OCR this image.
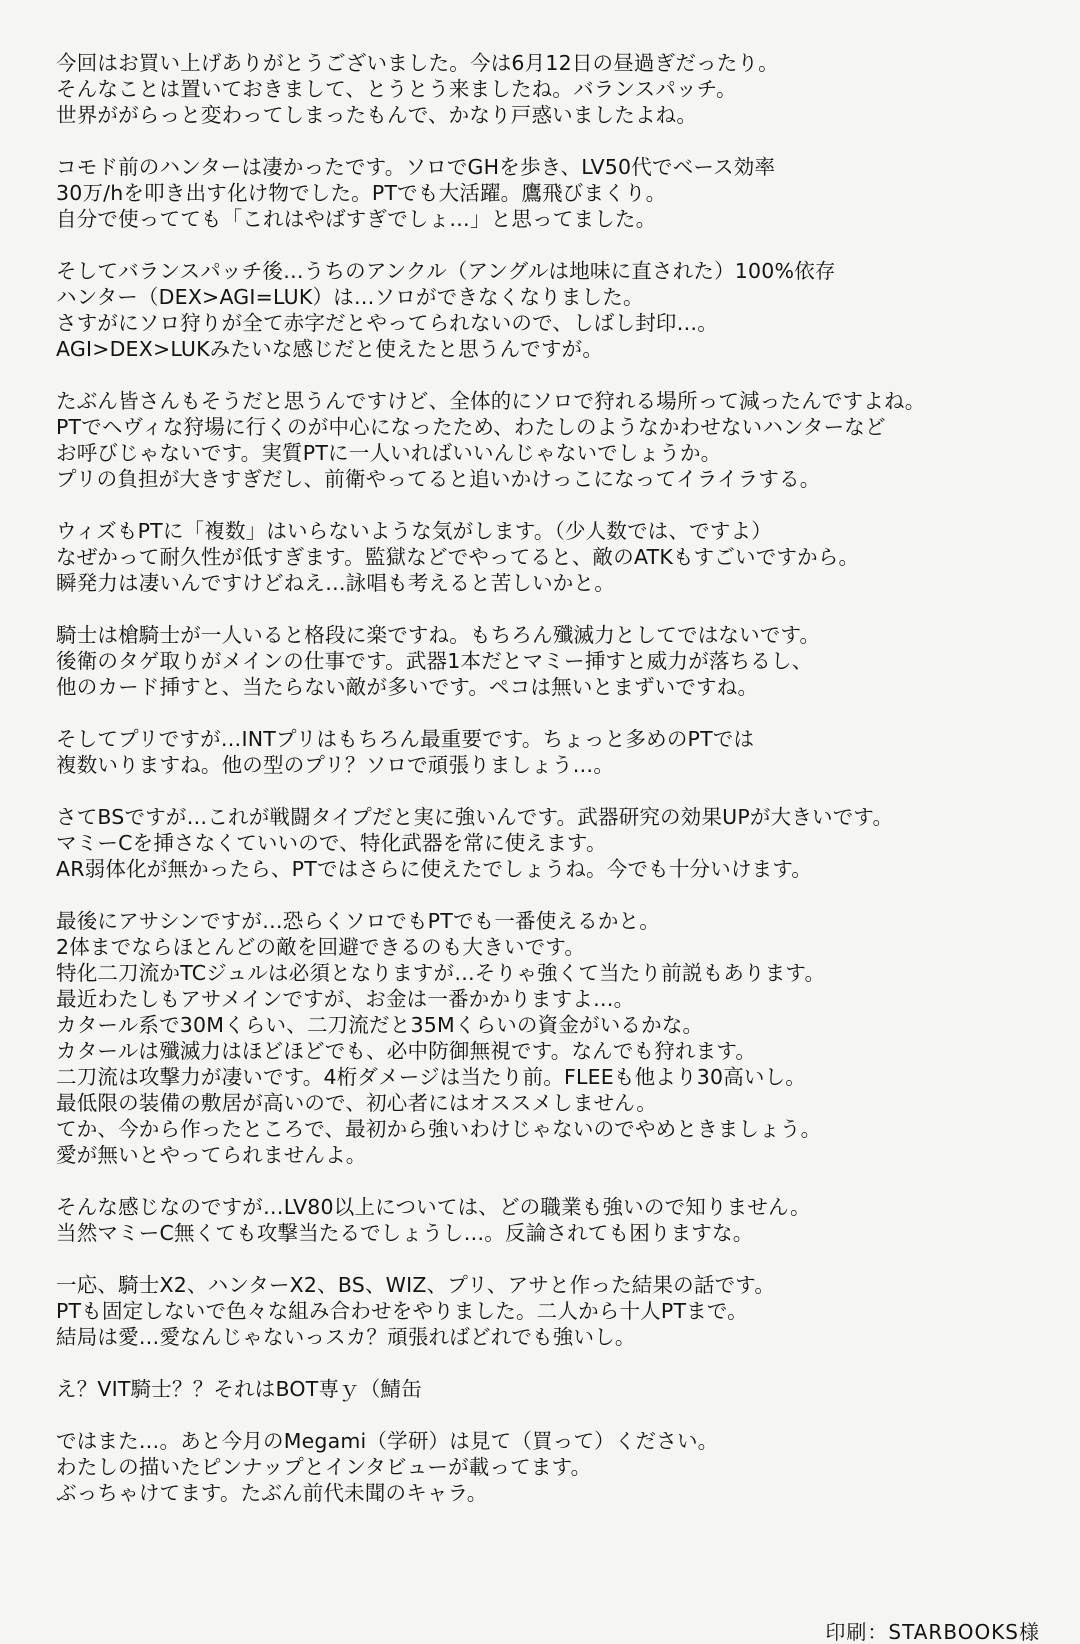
今回はお買い上げありがとうございました。今は6月12日の昼過ぎだったり。
そんなことは置いておきまして、とうとう来ましたね。バランスパッチ。
世界ががらっと変わってしまったもんで、かなり戸惑いましたよね。
コモド前のハンターは凄かったです。ソロでGHを歩き、LV50代でベース効率
30万/hを叩き出す化け物でした。PTでも大活躍。鷹飛びまくり。
自分で使ってても「これはやばすぎでしょ…」と思ってました。
そしてバランスパッチ後…うちのアンクル（アングルは地味に直された）100%依存
ハンター（DEX>AGI=LUK）は…ソロができなくなりました。
さすがにソロ狩りが全て赤字だとやってられないので、しばし封印…。
AGI>DEX>LUKみたいな感じだと使えたと思うんですが。
たぶん皆さんもそうだと思うんですけど、全体的にソロで狩れる場所って減ったんですよね。
PTでヘヴィな狩場に行くのが中心になったため、わたしのようなかわせないハンターなど
お呼びじゃないです。実質PTに一人いればいいんじゃないでしょうか。
プリの負担が大きすぎだし、前衛やってると追いかけっこになってイライラする。
ウィズもPTに「複数」はいらないような気がします。（少人数では、ですよ）
なぜかって耐久性が低すぎます。監獄などでやってると、敵のATKもすごいですから。
瞬発力は凄いんですけどねえ…詠唱も考えると苦しいかと。
騎士は槍騎士が一人いると格段に楽ですね。もちろん殲滅力としてではないです。
後衛のタゲ取りがメインの仕事です。武器1本だとマミー挿すと威力が落ちるし、
他のカード挿すと、当たらない敵が多いです。ペコは無いとまずいですね。
そしてプリですが…INTプリはもちろん最重要です。ちょっと多めのPTでは
複数いりますね。他の型のプリ？ソロで頑張りましょう…。
さてBSですが…これが戦闘タイプだと実に強いんです。武器研究の効果UPが大きいです。
マミーCを挿さなくていいので、特化武器を常に使えます。
AR弱体化が無かったら、PTではさらに使えたでしょうね。今でも十分いけます。
最後にアサシンですが…恐らくソロでもPTでも一番使えるかと。
2体までならほとんどの敵を回避できるのも大きいです。
特化二刀流かTCジュルは必須となりますが…そりゃ強くて当たり前説もあります。
最近わたしもアサメインですが、お金は一番かかりますよ…。
カタール系で30Mくらい、二刀流だと35Mくらいの資金がいるかな。
カタールは殲滅力はほどほどでも、必中防御無視です。なんでも狩れます。
二刀流は攻撃力が凄いです。4桁ダメージは当たり前。FLEEも他より30高いし。
最低限の装備の敷居が高いので、初心者にはオススメしません。
てか、今から作ったところで、最初から強いわけじゃないのでやめときましょう。
愛が無いとやってられませんよ。
そんな感じなのですが…LV80以上については、どの職業も強いので知りません。
当然マミーC無くても攻撃当たるでしょうし…。反論されても困りますな。
一応、騎士X2、ハンターX2、BS、WIZ、プリ、アサと作った結果の話です。
PTも固定しないで色々な組み合わせをやりました。二人から十人PTまで。
結局は愛…愛なんじゃないっスカ？頑張ればどれでも強いし。
え？VIT騎士？？それはBOT専ｙ（鯖缶
ではまた…。あと今月のMegami（学研）は見て（買って）ください。
わたしの描いたピンナップとインタビューが載ってます。
ぶっちゃけてます。たぶん前代未聞のキャラ。
印刷：STARBOOKS様
